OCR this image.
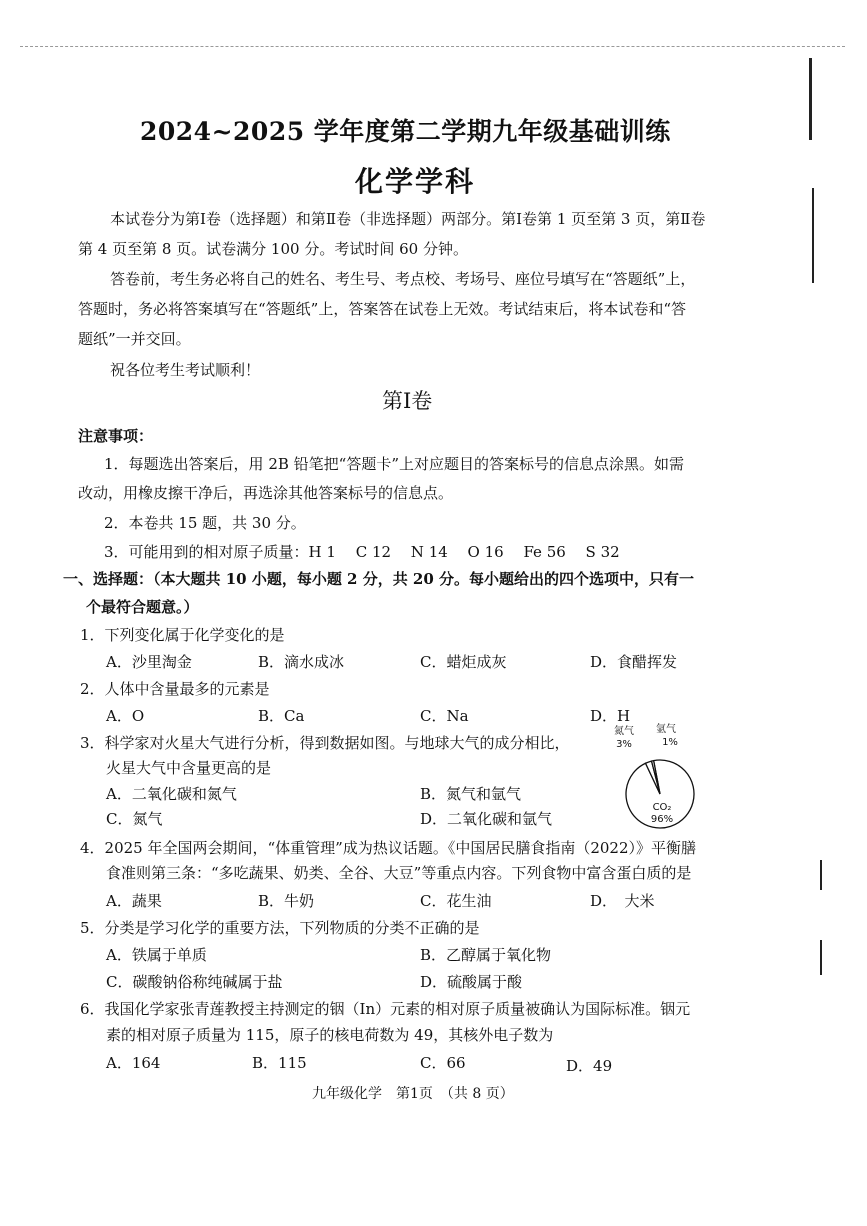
2024~2025 学年度第二学期九年级基础训练
化学学科
本试卷分为第Ⅰ卷（选择题）和第Ⅱ卷（非选择题）两部分。第Ⅰ卷第 1 页至第 3 页，第Ⅱ卷
第 4 页至第 8 页。试卷满分 100 分。考试时间 60 分钟。
答卷前，考生务必将自己的姓名、考生号、考点校、考场号、座位号填写在“答题纸”上，
答题时，务必将答案填写在“答题纸”上，答案答在试卷上无效。考试结束后，将本试卷和“答
题纸”一并交回。
祝各位考生考试顺利！
第Ⅰ卷
注意事项：
1．每题选出答案后，用 2B 铅笔把“答题卡”上对应题目的答案标号的信息点涂黑。如需
改动，用橡皮擦干净后，再选涂其他答案标号的信息点。
2．本卷共 15 题，共 30 分。
3．可能用到的相对原子质量：H 1　 C 12　 N 14　 O 16　 Fe 56　 S 32
一、选择题：（本大题共 10 小题，每小题 2 分，共 20 分。每小题给出的四个选项中，只有一
个最符合题意。）
1．下列变化属于化学变化的是
A．沙里淘金	B．滴水成冰	C．蜡炬成灰	D．食醋挥发
2．人体中含量最多的元素是
A．O	B．Ca	C．Na	D．H
3．科学家对火星大气进行分析，得到数据如图。与地球大气的成分相比，
火星大气中含量更高的是
A．二氧化碳和氮气	B．氮气和氩气
C．氮气	D．二氧化碳和氩气
氮气
3%
氩气
1%
CO₂
96%
4．2025 年全国两会期间，“体重管理”成为热议话题。《中国居民膳食指南（2022）》平衡膳
食准则第三条：“多吃蔬果、奶类、全谷、大豆”等重点内容。下列食物中富含蛋白质的是
A．蔬果	B．牛奶	C．花生油	D．　大米
5．分类是学习化学的重要方法，下列物质的分类不正确的是
A．铁属于单质	B．乙醇属于氧化物
C．碳酸钠俗称纯碱属于盐	D．硫酸属于酸
6．我国化学家张青莲教授主持测定的铟（In）元素的相对原子质量被确认为国际标准。铟元
素的相对原子质量为 115，原子的核电荷数为 49，其核外电子数为
A．164	B．115	C．66	D．49
九年级化学　第1页　（共 8 页）
